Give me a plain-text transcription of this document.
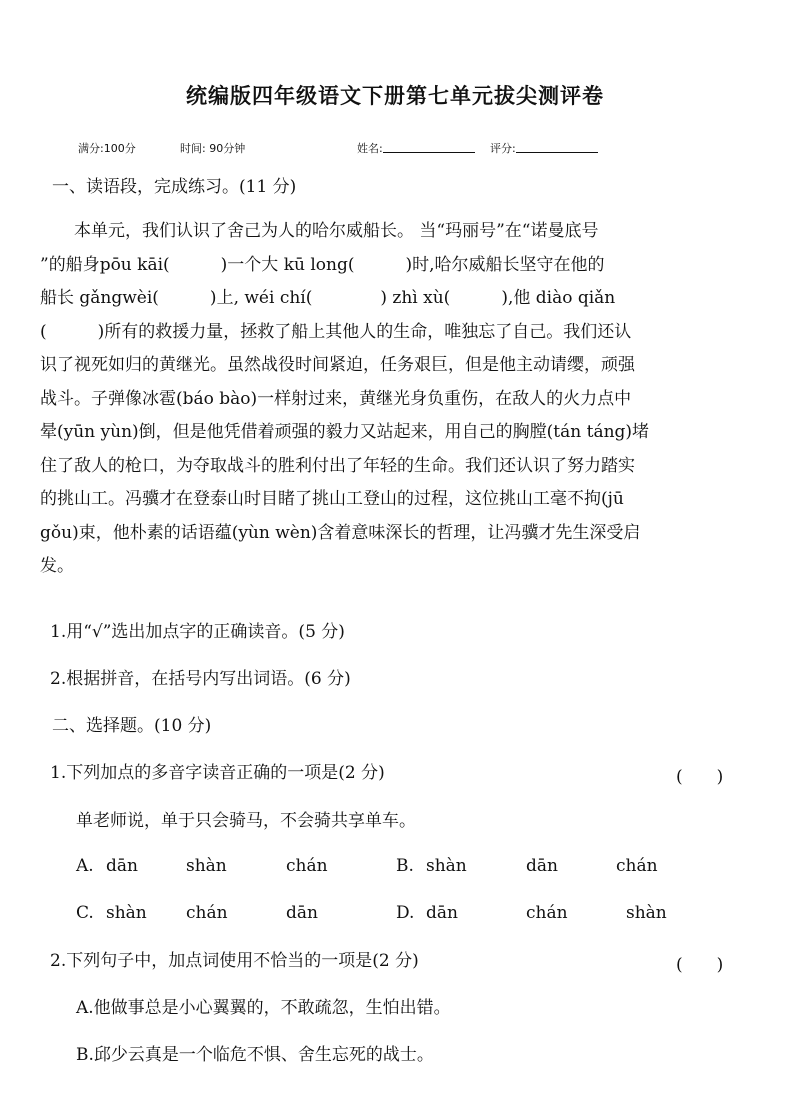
统编版四年级语文下册第七单元拔尖测评卷
满分:100分	时间: 90分钟	姓名:	评分:
一、读语段，完成练习。(11 分)
　　本单元，我们认识了舍己为人的哈尔威船长。 当“玛丽号”在“诺曼底号
”的船身pōu kāi(　　　)一个大 kū long(　　　)时,哈尔威船长坚守在他的
船长 gǎngwèi(　　　)上, wéi chí(　　　　) zhì xù(　　　),他 diào qiǎn
(　　　)所有的救援力量，拯救了船上其他人的生命，唯独忘了自己。我们还认
识了视死如归的黄继光。虽然战役时间紧迫，任务艰巨，但是他主动请缨，顽强
战斗。子弹像冰雹(báo bào)一样射过来，黄继光身负重伤，在敌人的火力点中
晕(yūn yùn)倒，但是他凭借着顽强的毅力又站起来，用自己的胸膛(tán táng)堵
住了敌人的枪口，为夺取战斗的胜利付出了年轻的生命。我们还认识了努力踏实
的挑山工。冯骥才在登泰山时目睹了挑山工登山的过程，这位挑山工毫不拘(jū
gǒu)束，他朴素的话语蕴(yùn wèn)含着意味深长的哲理，让冯骥才先生深受启
发。
1.用“√”选出加点字的正确读音。(5 分)
2.根据拼音，在括号内写出词语。(6 分)
二、选择题。(10 分)
1.下列加点的多音字读音正确的一项是(2 分)	(　　)
单老师说，单于只会骑马，不会骑共享单车。
A. dān	shàn	chán	B. shàn	dān	chán
C. shàn chán	dān	D. dān	chán	shàn
2.下列句子中，加点词使用不恰当的一项是(2 分)	(　　)
A.他做事总是小心翼翼的，不敢疏忽，生怕出错。
B.邱少云真是一个临危不惧、舍生忘死的战士。
